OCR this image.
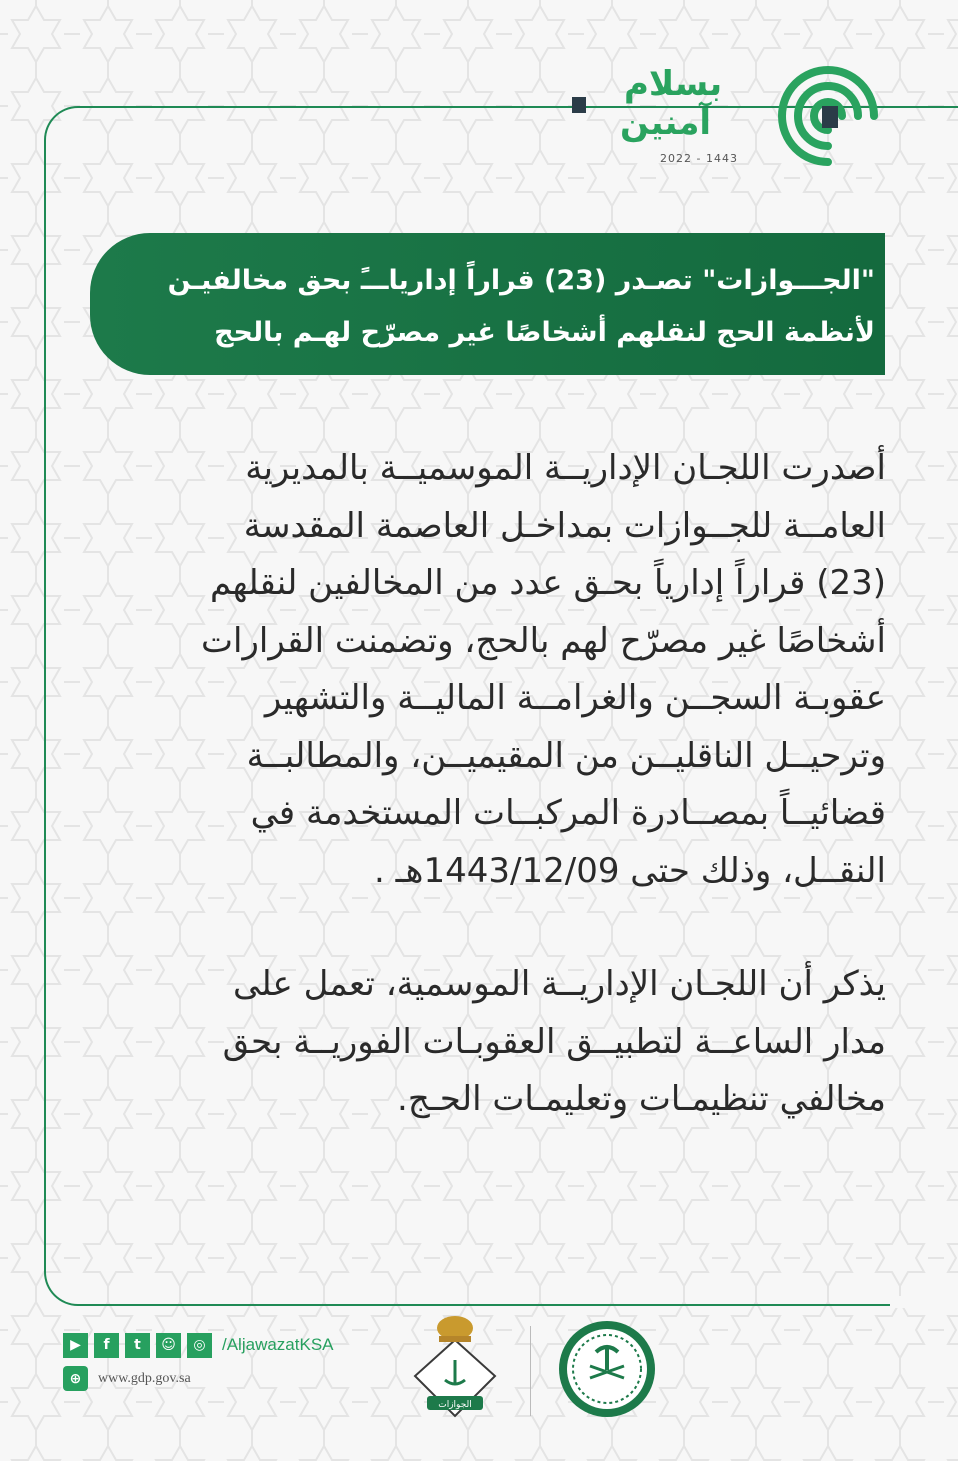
بسلام
آمنين
2022 - 1443
"الجـــوازات" تصـدر (23) قراراً إدارياـــً بحق مخالفيـن
لأنظمة الحج لنقلهم أشخاصًا غير مصرّح لهـم بالحج
أصدرت اللجـان الإداريــة الموسميــة بالمديرية
العامــة للجــوازات بمداخـل العاصمة المقدسة
(23) قراراً إدارياً بحـق عدد من المخالفين لنقلهم
أشخاصًا غير مصرّح لهم بالحج، وتضمنت القرارات
عقوبـة السجــن والغرامــة الماليــة والتشهير
وترحيــل الناقليــن من المقيميــن، والمطالبــة
قضائيــاً بمصــادرة المركبــات المستخدمة في
النقــل، وذلك حتى 1443/12/09هـ .
يذكر أن اللجـان الإداريــة الموسمية، تعمل على
مدار الساعــة لتطبيــق العقوبـات الفوريــة بحق
مخالفي تنظيمـات وتعليمـات الحـج.
▶	f	t	☺	◎ /AljawazatKSA
⊕	www.gdp.gov.sa
الجوازات
